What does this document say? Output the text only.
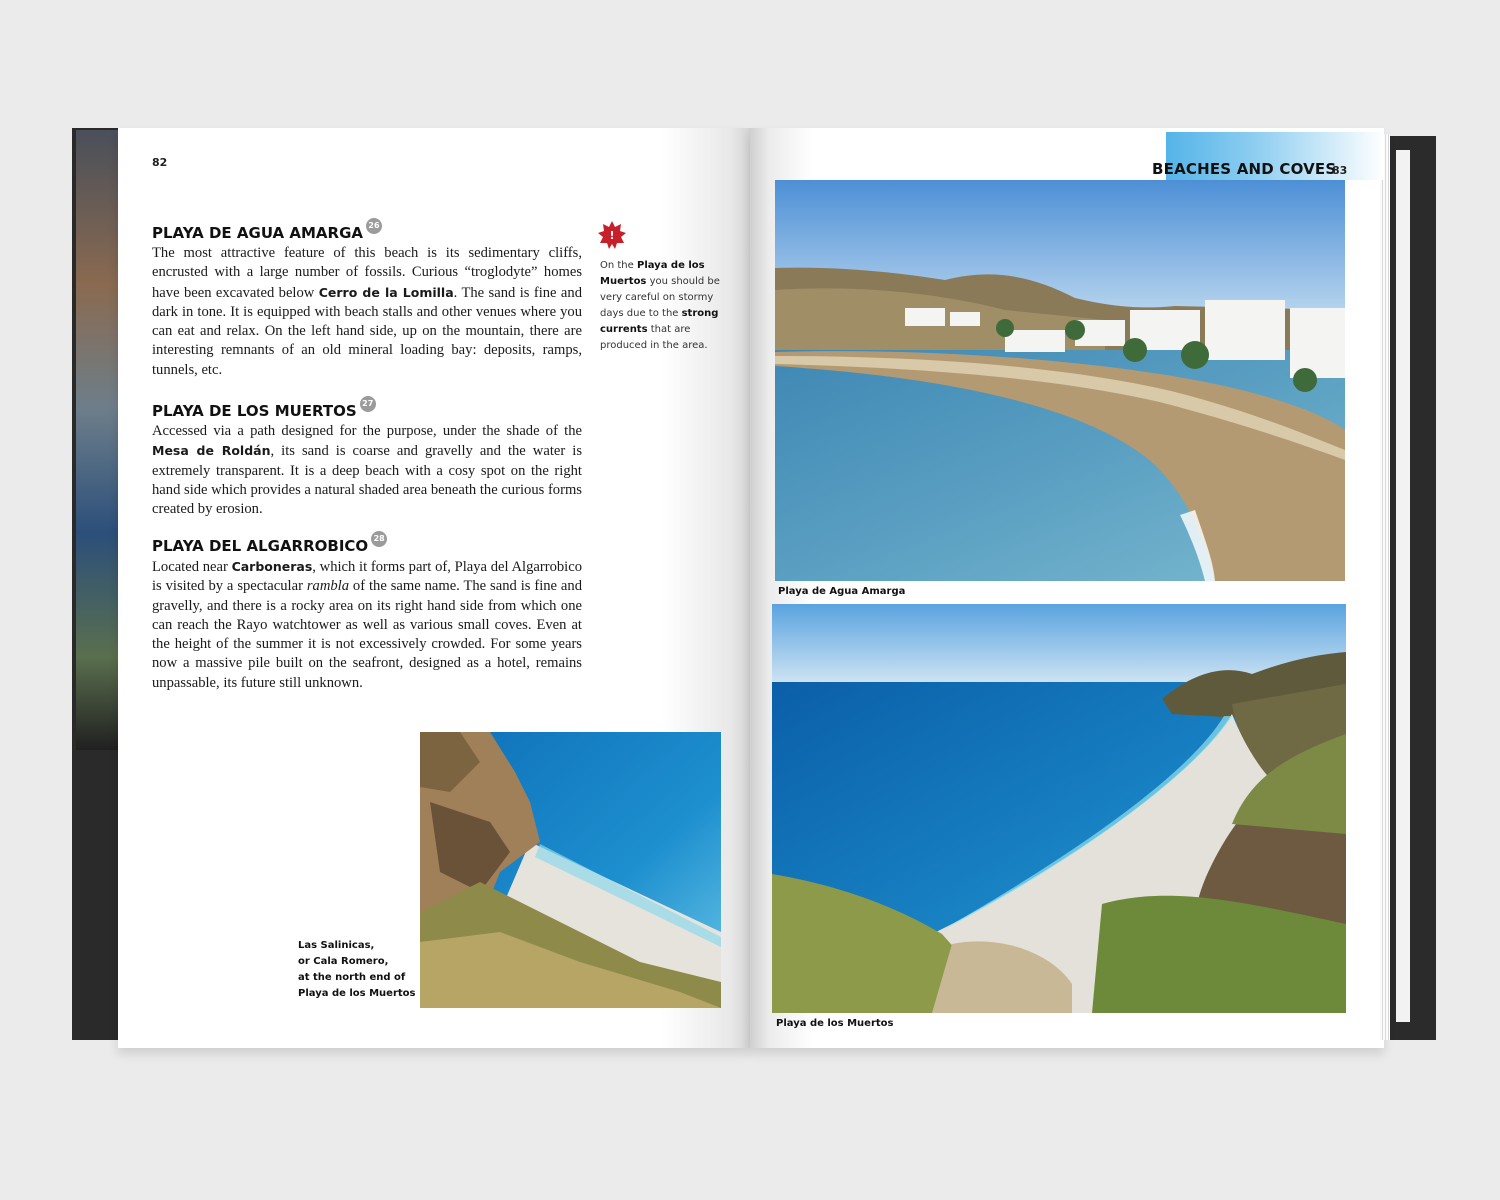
82
PLAYA DE AGUA AMARGA 26

The most attractive feature of this beach is its sedimentary cliffs, encrusted with a large number of fossils. Curious “troglodyte” homes have been excavated below Cerro de la Lomilla. The sand is fine and dark in tone. It is equipped with beach stalls and other venues where you can eat and relax. On the left hand side, up on the mountain, there are interesting remnants of an old mineral loading bay: deposits, ramps, tunnels, etc.

PLAYA DE LOS MUERTOS 27

Accessed via a path designed for the purpose, under the shade of the Mesa de Roldán, its sand is coarse and gravelly and the water is extremely transparent. It is a deep beach with a cosy spot on the right hand side which provides a natural shaded area beneath the curious forms created by erosion.

PLAYA DEL ALGARROBICO 28

Located near Carboneras, which it forms part of, Playa del Algarrobico is visited by a spectacular rambla of the same name. The sand is fine and gravelly, and there is a rocky area on its right hand side from which one can reach the Rayo watchtower as well as various small coves. Even at the height of the summer it is not excessively crowded. For some years now a massive pile built on the seafront, designed as a hotel, remains unpassable, its future still unknown.

!
On the Playa de los Muertos you should be very careful on stormy days due to the strong currents that are produced in the area.
Las Salinicas,
or Cala Romero,
at the north end of
Playa de los Muertos
BEACHES AND COVES
83
Playa de Agua Amarga
Playa de los Muertos
